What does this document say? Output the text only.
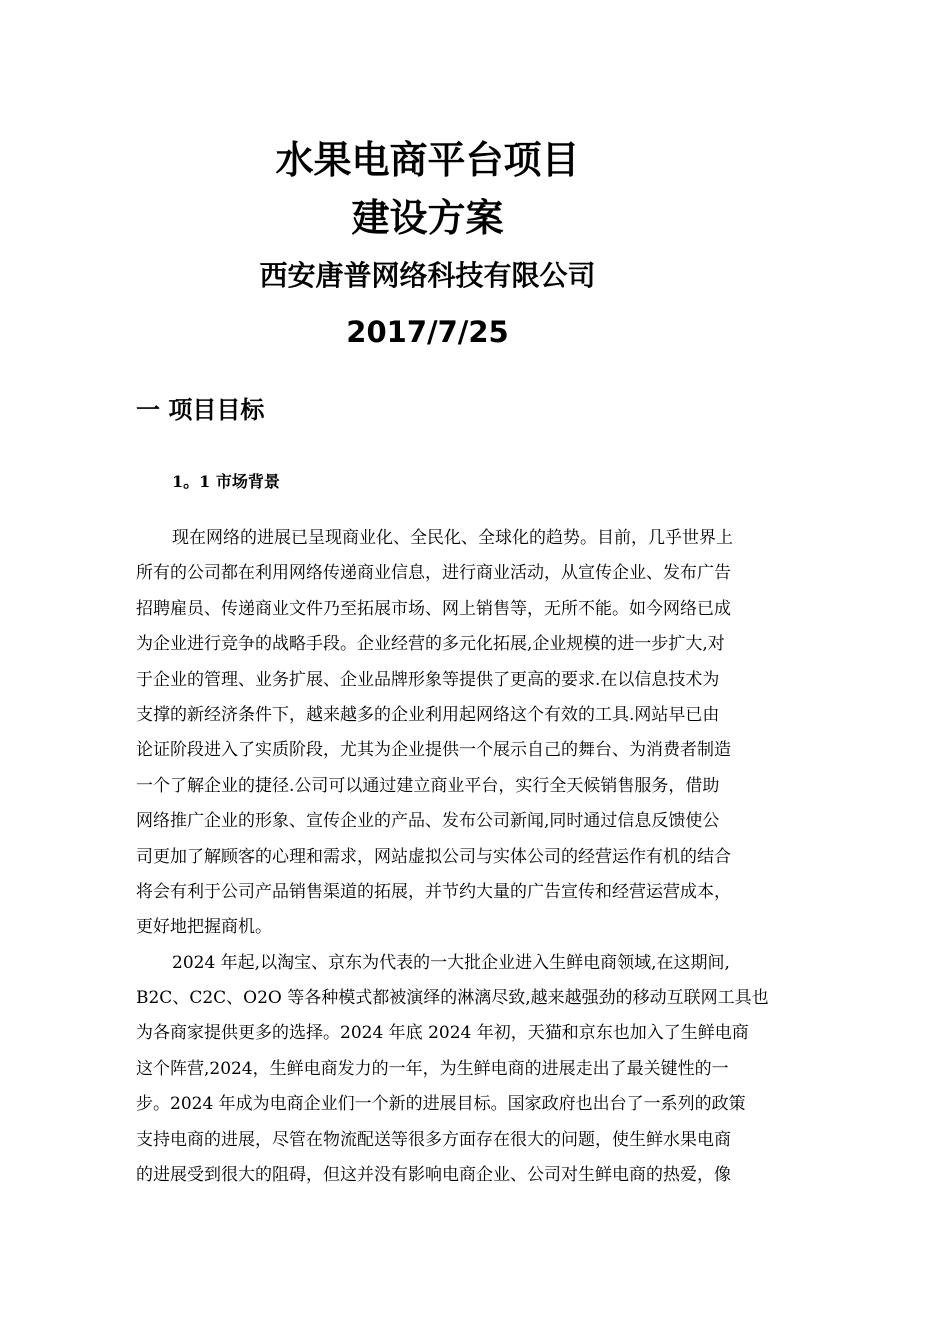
水果电商平台项目
建设方案
西安唐普网络科技有限公司
2017/7/25
一 项目目标
1。1 市场背景
现在网络的进展已呈现商业化、全民化、全球化的趋势。目前，几乎世界上
所有的公司都在利用网络传递商业信息，进行商业活动，从宣传企业、发布广告
招聘雇员、传递商业文件乃至拓展市场、网上销售等，无所不能。如今网络已成
为企业进行竞争的战略手段。企业经营的多元化拓展,企业规模的进一步扩大,对
于企业的管理、业务扩展、企业品牌形象等提供了更高的要求.在以信息技术为
支撑的新经济条件下，越来越多的企业利用起网络这个有效的工具.网站早已由
论证阶段进入了实质阶段，尤其为企业提供一个展示自己的舞台、为消费者制造
一个了解企业的捷径.公司可以通过建立商业平台，实行全天候销售服务，借助
网络推广企业的形象、宣传企业的产品、发布公司新闻,同时通过信息反馈使公
司更加了解顾客的心理和需求，网站虚拟公司与实体公司的经营运作有机的结合
将会有利于公司产品销售渠道的拓展，并节约大量的广告宣传和经营运营成本，
更好地把握商机。
2024 年起,以淘宝、京东为代表的一大批企业进入生鲜电商领域,在这期间,
B2C、C2C、O2O 等各种模式都被演绎的淋漓尽致,越来越强劲的移动互联网工具也
为各商家提供更多的选择。2024 年底 2024 年初，天猫和京东也加入了生鲜电商
这个阵营,2024，生鲜电商发力的一年，为生鲜电商的进展走出了最关键性的一
步。2024 年成为电商企业们一个新的进展目标。国家政府也出台了一系列的政策
支持电商的进展，尽管在物流配送等很多方面存在很大的问题，使生鲜水果电商
的进展受到很大的阻碍，但这并没有影响电商企业、公司对生鲜电商的热爱，像
